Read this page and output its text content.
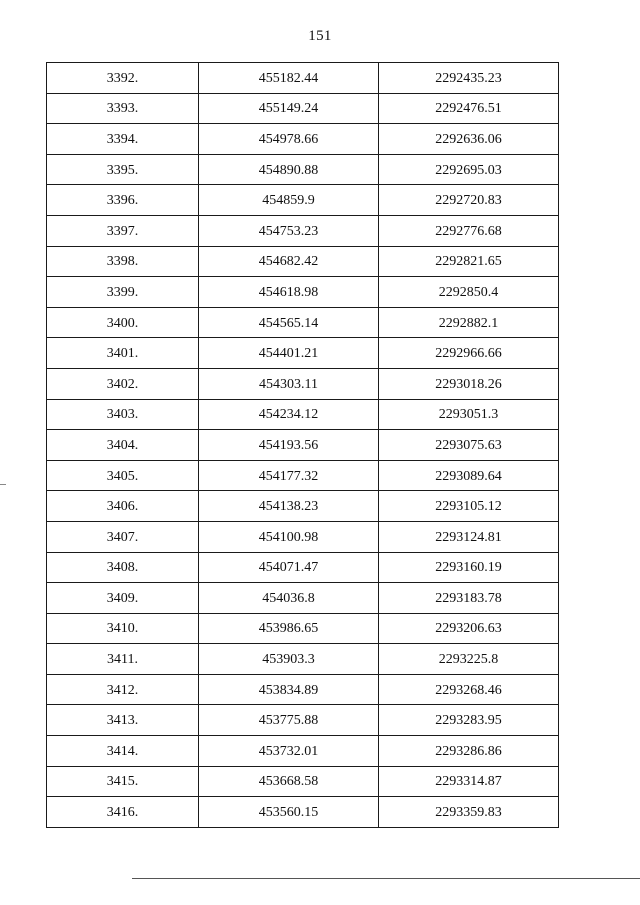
151
3392.	455182.44	2292435.23
3393.	455149.24	2292476.51
3394.	454978.66	2292636.06
3395.	454890.88	2292695.03
3396.	454859.9	2292720.83
3397.	454753.23	2292776.68
3398.	454682.42	2292821.65
3399.	454618.98	2292850.4
3400.	454565.14	2292882.1
3401.	454401.21	2292966.66
3402.	454303.11	2293018.26
3403.	454234.12	2293051.3
3404.	454193.56	2293075.63
3405.	454177.32	2293089.64
3406.	454138.23	2293105.12
3407.	454100.98	2293124.81
3408.	454071.47	2293160.19
3409.	454036.8	2293183.78
3410.	453986.65	2293206.63
3411.	453903.3	2293225.8
3412.	453834.89	2293268.46
3413.	453775.88	2293283.95
3414.	453732.01	2293286.86
3415.	453668.58	2293314.87
3416.	453560.15	2293359.83
